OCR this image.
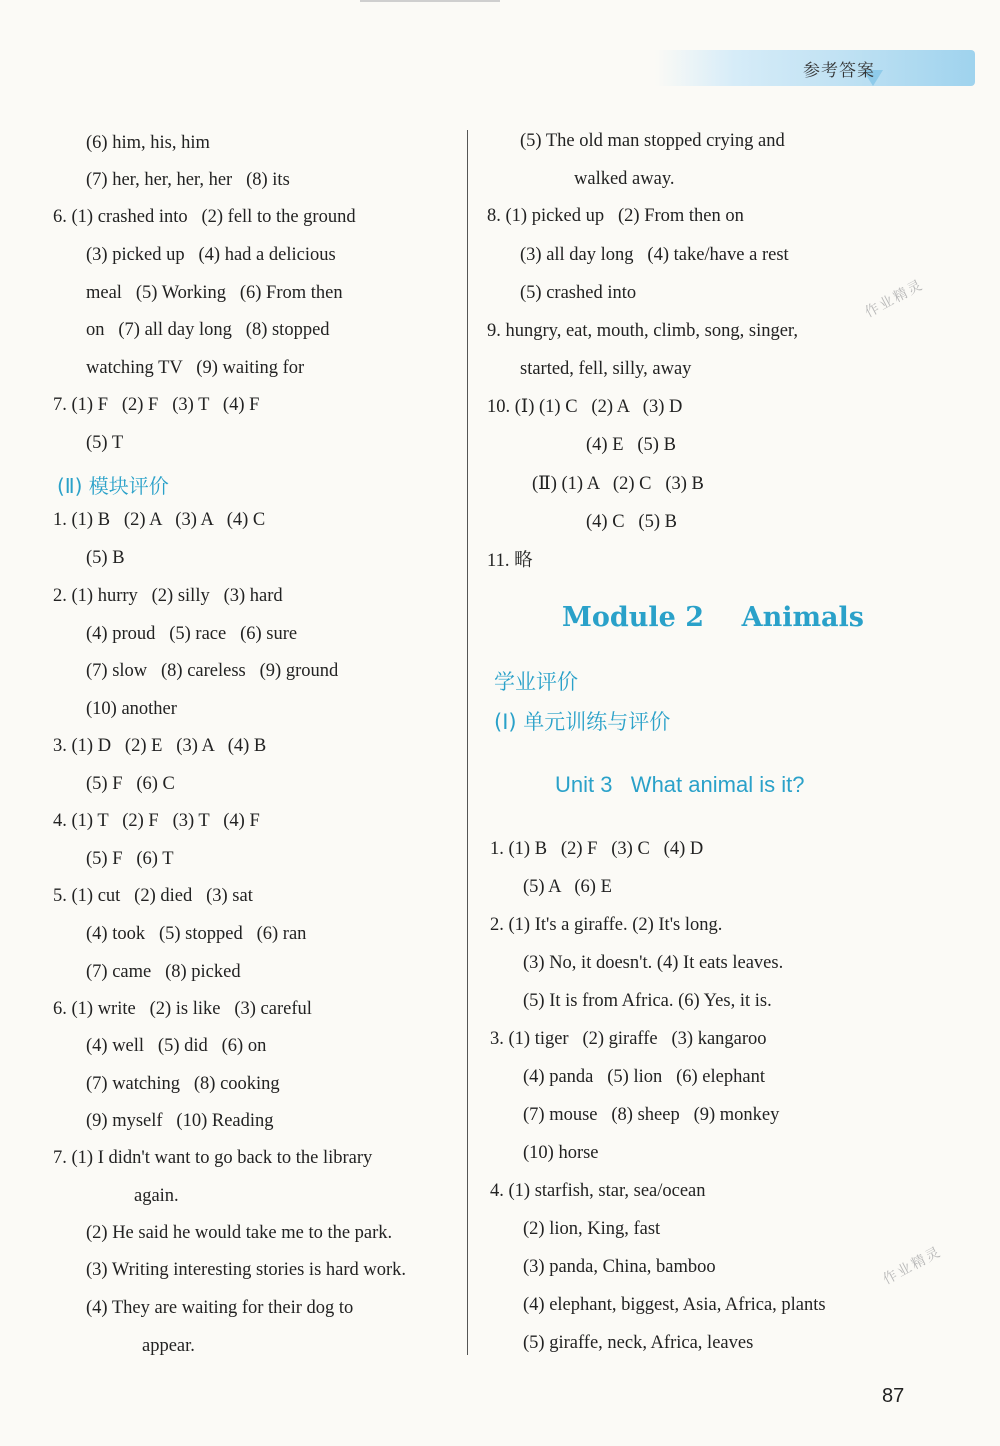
参考答案
(6) him, his, him
(7) her, her, her, her   (8) its
6. (1) crashed into   (2) fell to the ground
(3) picked up   (4) had a delicious
meal   (5) Working   (6) From then
on   (7) all day long   (8) stopped
watching TV   (9) waiting for
7. (1) F   (2) F   (3) T   (4) F
(5) T
(Ⅱ) 模块评价
1. (1) B   (2) A   (3) A   (4) C
(5) B
2. (1) hurry   (2) silly   (3) hard
(4) proud   (5) race   (6) sure
(7) slow   (8) careless   (9) ground
(10) another
3. (1) D   (2) E   (3) A   (4) B
(5) F   (6) C
4. (1) T   (2) F   (3) T   (4) F
(5) F   (6) T
5. (1) cut   (2) died   (3) sat
(4) took   (5) stopped   (6) ran
(7) came   (8) picked
6. (1) write   (2) is like   (3) careful
(4) well   (5) did   (6) on
(7) watching   (8) cooking
(9) myself   (10) Reading
7. (1) I didn't want to go back to the library
again.
(2) He said he would take me to the park.
(3) Writing interesting stories is hard work.
(4) They are waiting for their dog to
appear.
(5) The old man stopped crying and
walked away.
8. (1) picked up   (2) From then on
(3) all day long   (4) take/have a rest
(5) crashed into
9. hungry, eat, mouth, climb, song, singer,
started, fell, silly, away
10. (Ⅰ) (1) C   (2) A   (3) D
(4) E   (5) B
(Ⅱ) (1) A   (2) C   (3) B
(4) C   (5) B
11. 略
Module 2    Animals
学业评价
(Ⅰ) 单元训练与评价
Unit 3   What animal is it?
1. (1) B   (2) F   (3) C   (4) D
(5) A   (6) E
2. (1) It's a giraffe. (2) It's long.
(3) No, it doesn't. (4) It eats leaves.
(5) It is from Africa. (6) Yes, it is.
3. (1) tiger   (2) giraffe   (3) kangaroo
(4) panda   (5) lion   (6) elephant
(7) mouse   (8) sheep   (9) monkey
(10) horse
4. (1) starfish, star, sea/ocean
(2) lion, King, fast
(3) panda, China, bamboo
(4) elephant, biggest, Asia, Africa, plants
(5) giraffe, neck, Africa, leaves
作业精灵
作业精灵
87
